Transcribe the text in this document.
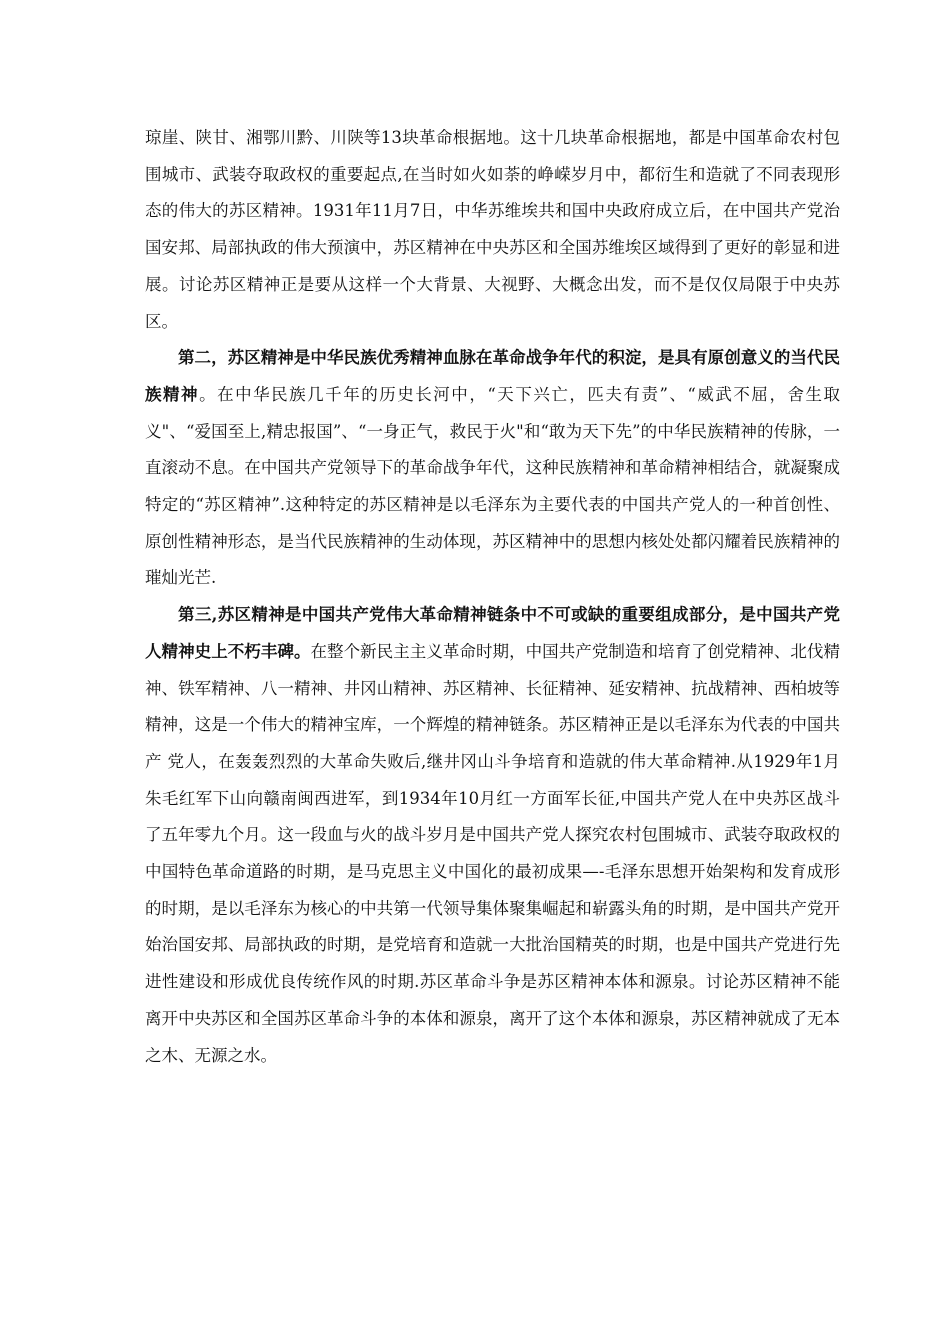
琼崖、陕甘、湘鄂川黔、川陕等13块革命根据地。这十几块革命根据地，都是中国革命农村包围城市、武装夺取政权的重要起点,在当时如火如荼的峥嵘岁月中，都衍生和造就了不同表现形态的伟大的苏区精神。1931年11月7日，中华苏维埃共和国中央政府成立后，在中国共产党治国安邦、局部执政的伟大预演中，苏区精神在中央苏区和全国苏维埃区域得到了更好的彰显和进展。讨论苏区精神正是要从这样一个大背景、大视野、大概念出发，而不是仅仅局限于中央苏区。

第二，苏区精神是中华民族优秀精神血脉在革命战争年代的积淀，是具有原创意义的当代民族精神。在中华民族几千年的历史长河中，“天下兴亡，匹夫有责”、“威武不屈，舍生取义"、“爱国至上,精忠报国”、“一身正气，救民于火"和“敢为天下先”的中华民族精神的传脉，一直滚动不息。在中国共产党领导下的革命战争年代，这种民族精神和革命精神相结合，就凝聚成特定的“苏区精神”.这种特定的苏区精神是以毛泽东为主要代表的中国共产党人的一种首创性、原创性精神形态，是当代民族精神的生动体现，苏区精神中的思想内核处处都闪耀着民族精神的璀灿光芒.

第三,苏区精神是中国共产党伟大革命精神链条中不可或缺的重要组成部分，是中国共产党人精神史上不朽丰碑。在整个新民主主义革命时期，中国共产党制造和培育了创党精神、北伐精神、铁军精神、八一精神、井冈山精神、苏区精神、长征精神、延安精神、抗战精神、西柏坡等精神，这是一个伟大的精神宝库，一个辉煌的精神链条。苏区精神正是以毛泽东为代表的中国共产 党人，在轰轰烈烈的大革命失败后,继井冈山斗争培育和造就的伟大革命精神.从1929年1月朱毛红军下山向赣南闽西进军，到1934年10月红一方面军长征,中国共产党人在中央苏区战斗了五年零九个月。这一段血与火的战斗岁月是中国共产党人探究农村包围城市、武装夺取政权的中国特色革命道路的时期，是马克思主义中国化的最初成果—-毛泽东思想开始架构和发育成形的时期，是以毛泽东为核心的中共第一代领导集体聚集崛起和崭露头角的时期，是中国共产党开始治国安邦、局部执政的时期，是党培育和造就一大批治国精英的时期，也是中国共产党进行先进性建设和形成优良传统作风的时期.苏区革命斗争是苏区精神本体和源泉。讨论苏区精神不能离开中央苏区和全国苏区革命斗争的本体和源泉，离开了这个本体和源泉，苏区精神就成了无本之木、无源之水。
